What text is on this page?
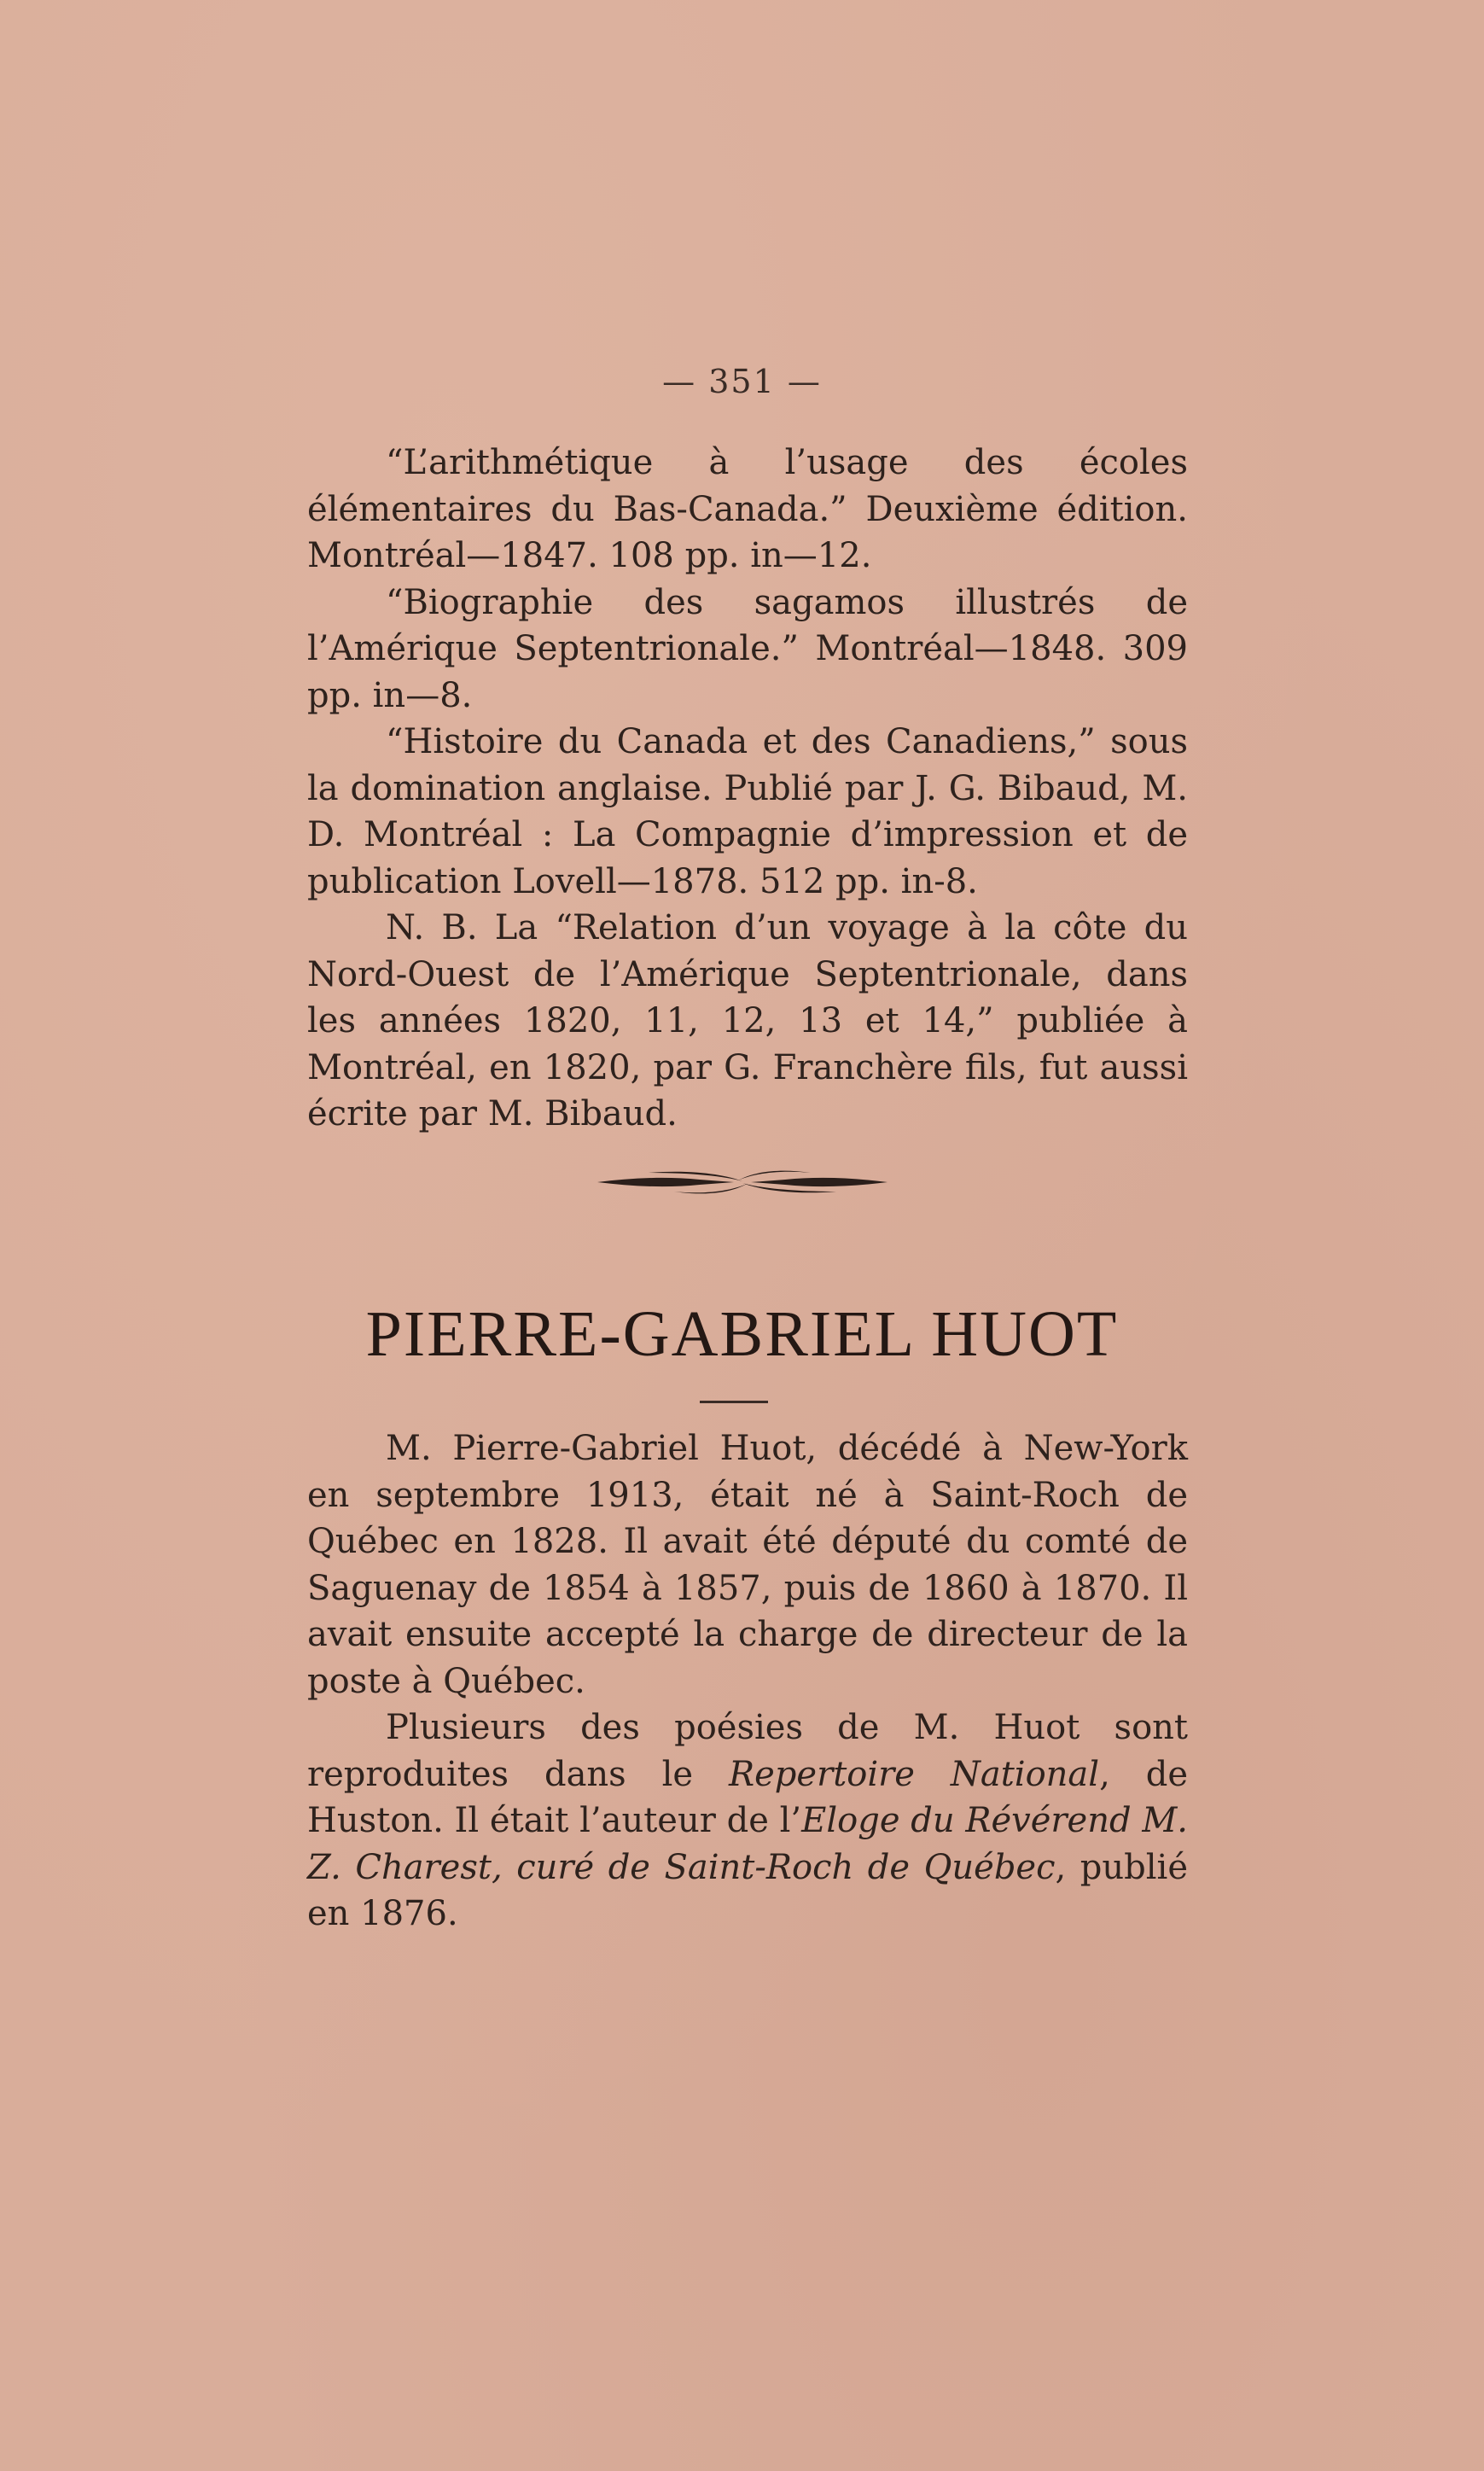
— 351 —

“L’arithmétique à l’usage des écoles élémentaires du Bas-Canada.” Deuxième édition. Montréal—1847. 108 pp. in—12.

“Biographie des sagamos illustrés de l’Amérique Septentrionale.” Montréal—1848. 309 pp. in—8.

“Histoire du Canada et des Canadiens,” sous la domination anglaise. Publié par J. G. Bibaud, M. D. Montréal : La Compagnie d’impression et de publication Lovell—1878. 512 pp. in-8.

N. B. La “Relation d’un voyage à la côte du Nord-Ouest de l’Amérique Septentrionale, dans les années 1820, 11, 12, 13 et 14,” publiée à Montréal, en 1820, par G. Franchère fils, fut aussi écrite par M. Bibaud.

PIERRE-GABRIEL HUOT

M. Pierre-Gabriel Huot, décédé à New-York en septembre 1913, était né à Saint-Roch de Québec en 1828. Il avait été député du comté de Saguenay de 1854 à 1857, puis de 1860 à 1870. Il avait ensuite accepté la charge de directeur de la poste à Québec.

Plusieurs des poésies de M. Huot sont reproduites dans le Repertoire National, de Huston. Il était l’auteur de l’Eloge du Révérend M. Z. Charest, curé de Saint-Roch de Québec, publié en 1876.
